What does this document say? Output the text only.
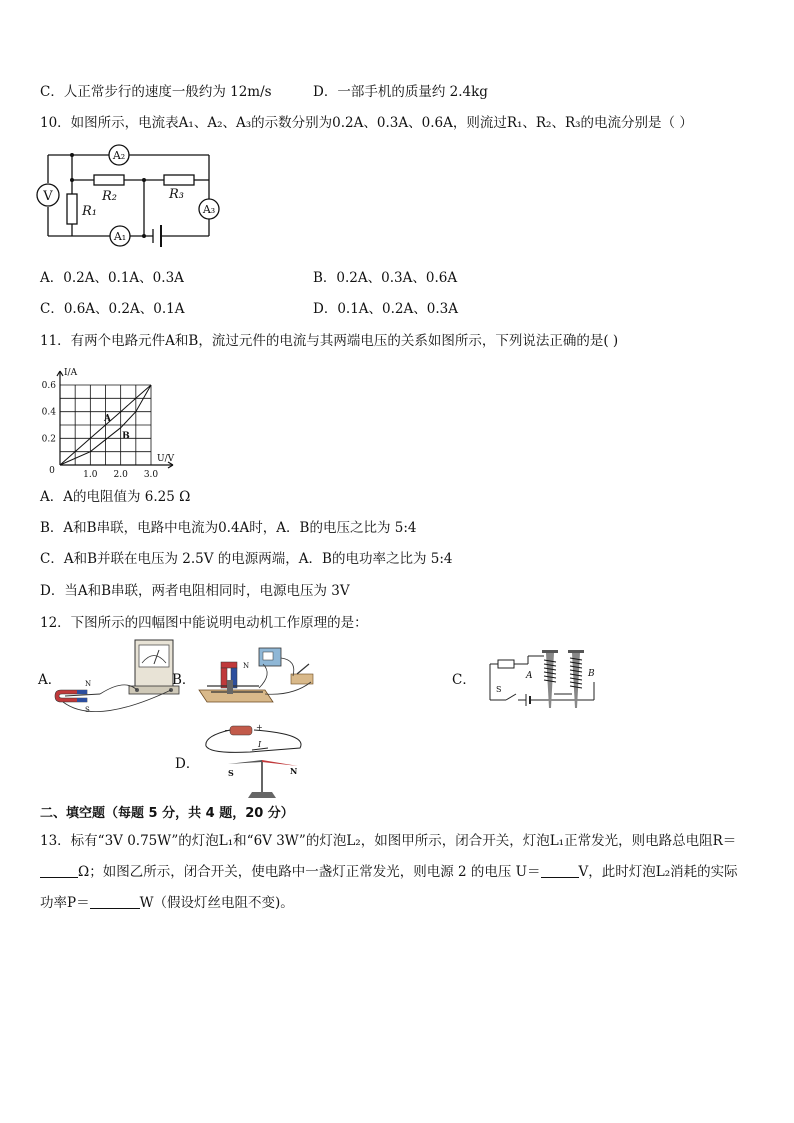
C．人正常步行的速度一般约为 12m/s	D．一部手机的质量约 2.4kg
10．如图所示，电流表A₁、A₂、A₃的示数分别为0.2A、0.3A、0.6A，则流过R₁、R₂、R₃的电流分别是（ ）
A₂
V
A₃
A₁
R₂	R₃
R₁
A．0.2A、0.1A、0.3A	B．0.2A、0.3A、0.6A
C．0.6A、0.2A、0.1A	D．0.1A、0.2A、0.3A
11．有两个电路元件A和B，流过元件的电流与其两端电压的关系如图所示，下列说法正确的是( )
A
B
1.0 2.0 3.0
0.2
0.4
0.6
0
I/A
U/V
A．A的电阻值为 6.25 Ω
B．A和B串联，电路中电流为0.4A时，A．B的电压之比为 5:4
C．A和B并联在电压为 2.5V 的电源两端，A．B的电功率之比为 5:4
D．当A和B串联，两者电阻相同时，电源电压为 3V
12．下图所示的四幅图中能说明电动机工作原理的是：
A．	N
S
B．
N
C．	A	B
S
D．
−	+
I
S	N
二、填空题（每题 5 分，共 4 题，20 分）
13．标有“3V 0.75W”的灯泡L₁和“6V 3W”的灯泡L₂，如图甲所示，闭合开关，灯泡L₁正常发光，则电路总电阻R＝
Ω；如图乙所示，闭合开关，使电路中一盏灯正常发光，则电源 2 的电压 U＝	V，此时灯泡L₂消耗的实际
功率P＝	W（假设灯丝电阻不变)。
